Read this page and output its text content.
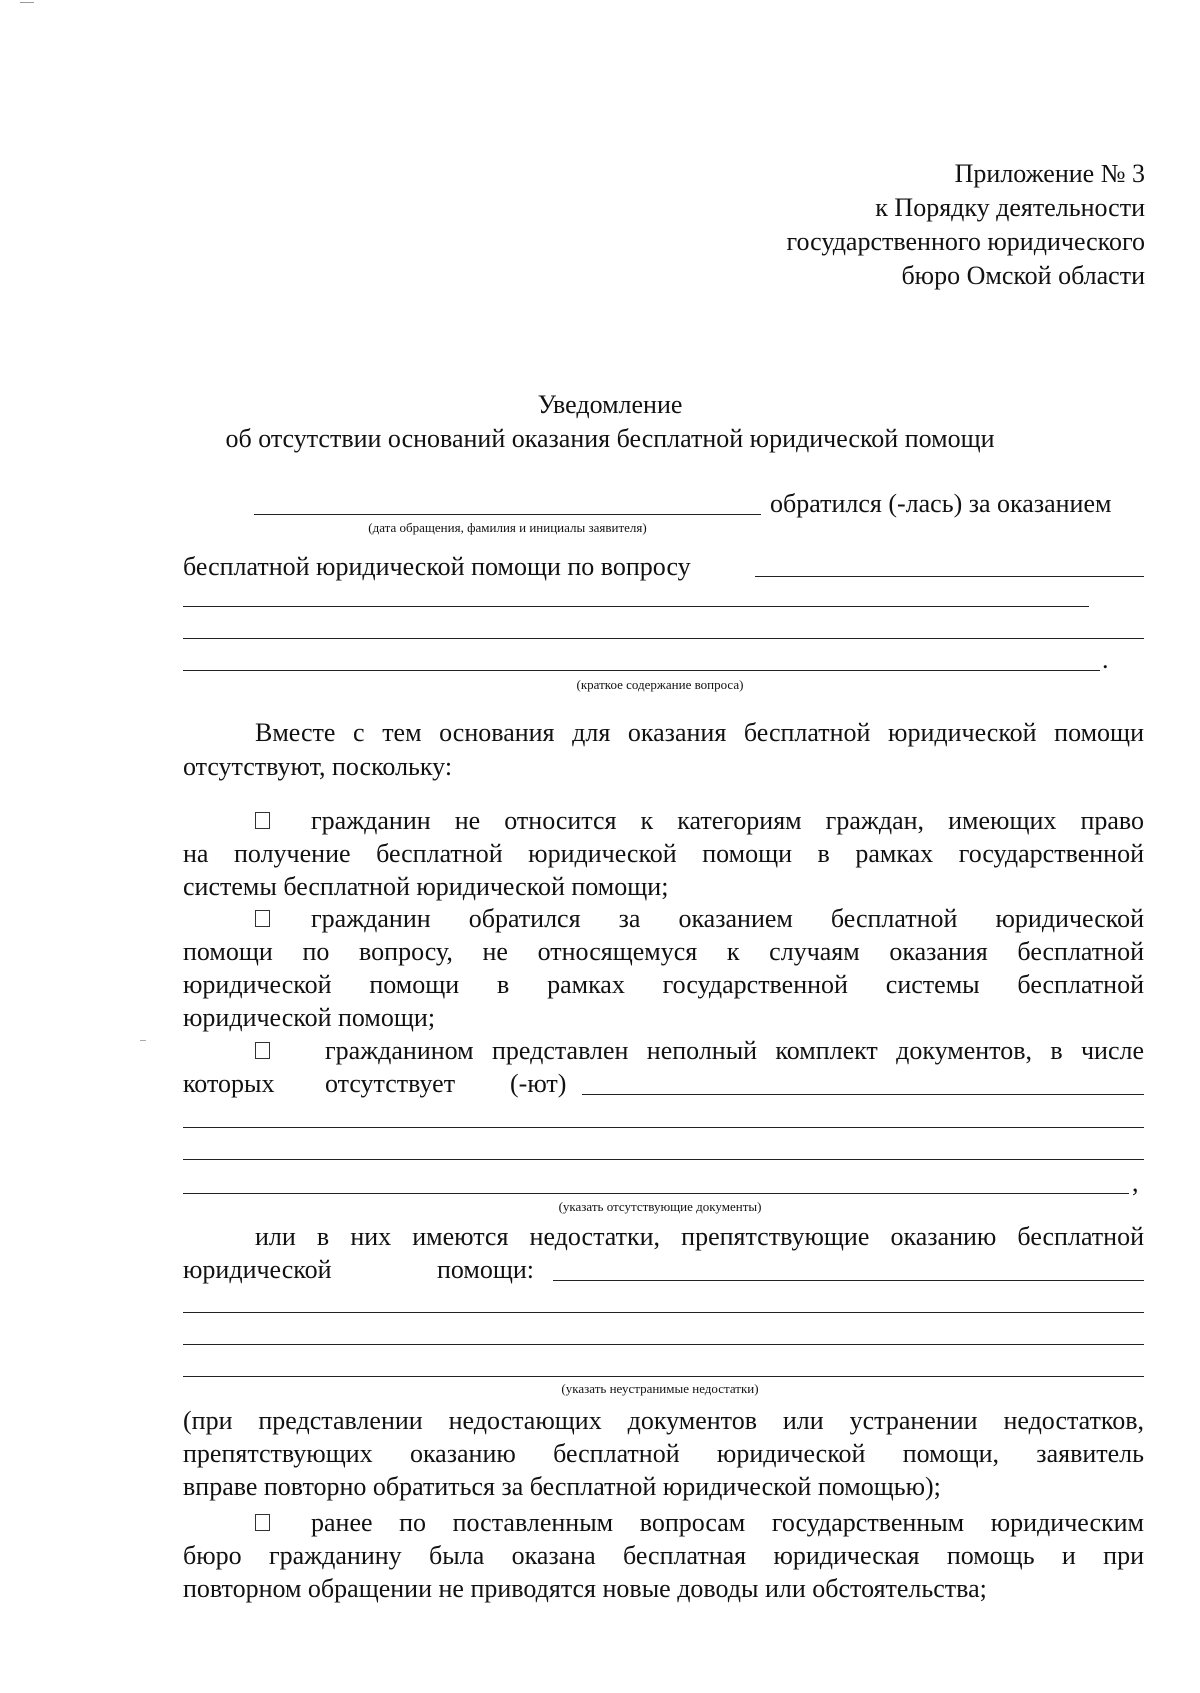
Приложение № 3
к Порядку деятельности
государственного юридического
бюро Омской области
Уведомление
об отсутствии оснований оказания бесплатной юридической помощи
обратился (-лась) за оказанием
(дата обращения, фамилия и инициалы заявителя)
бесплатной юридической помощи по вопросу
.
(краткое содержание вопроса)
Вместе с тем основания для оказания бесплатной юридической помощи
отсутствуют, поскольку:
гражданин не относится к категориям граждан, имеющих право
на получение бесплатной юридической помощи в рамках государственной
системы бесплатной юридической помощи;
гражданин обратился за оказанием бесплатной юридической
помощи по вопросу, не относящемуся к случаям оказания бесплатной
юридической помощи в рамках государственной системы бесплатной
юридической помощи;
гражданином представлен неполный комплект документов, в числе
которых отсутствует (-ют)
,
(указать отсутствующие документы)
или в них имеются недостатки, препятствующие оказанию бесплатной
юридической	помощи:
(указать неустранимые недостатки)
(при представлении недостающих документов или устранении недостатков,
препятствующих оказанию бесплатной юридической помощи, заявитель
вправе повторно обратиться за бесплатной юридической помощью);
ранее по поставленным вопросам государственным юридическим
бюро гражданину была оказана бесплатная юридическая помощь и при
повторном обращении не приводятся новые доводы или обстоятельства;
